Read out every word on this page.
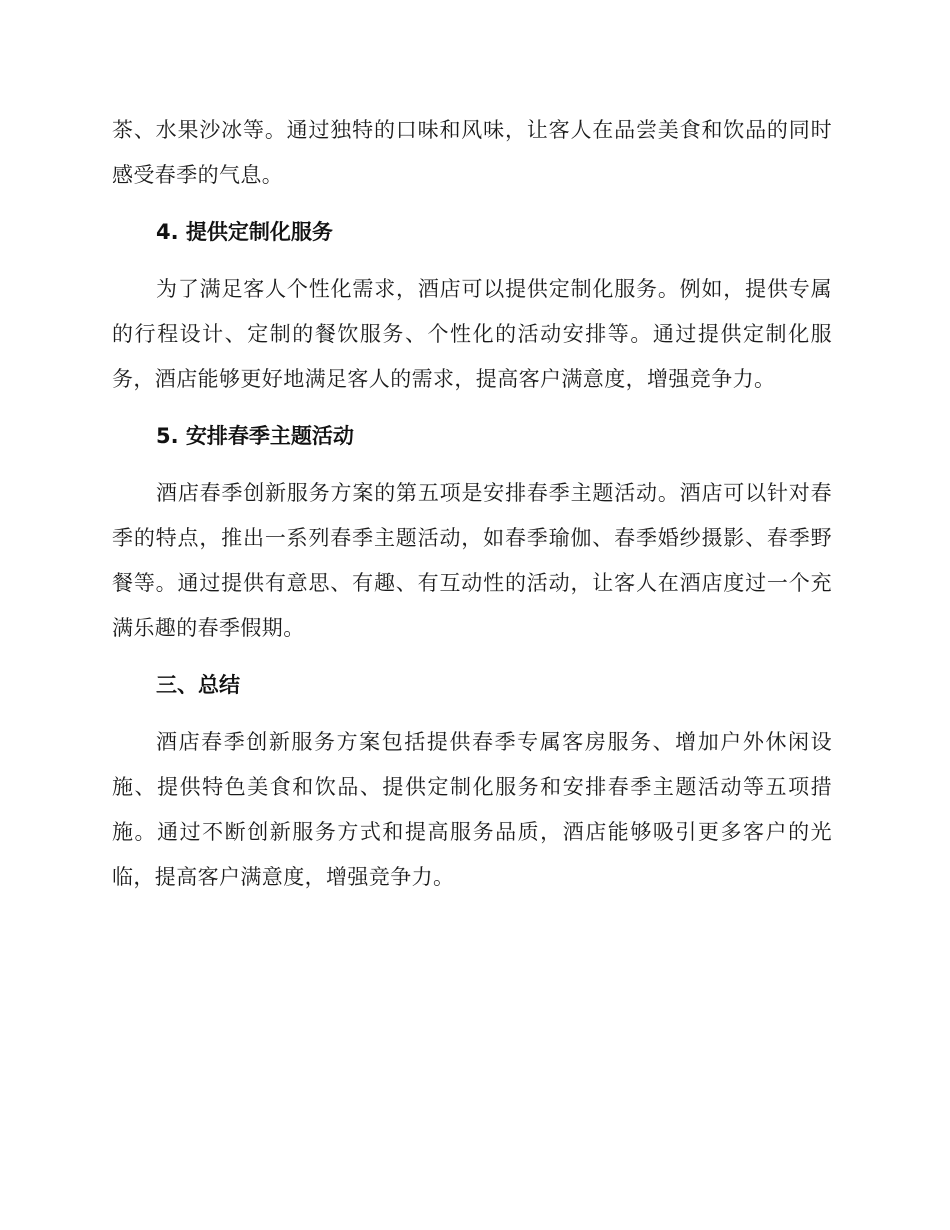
茶、水果沙冰等。通过独特的口味和风味，让客人在品尝美食和饮品的同时感受春季的气息。

4. 提供定制化服务

为了满足客人个性化需求，酒店可以提供定制化服务。例如，提供专属的行程设计、定制的餐饮服务、个性化的活动安排等。通过提供定制化服务，酒店能够更好地满足客人的需求，提高客户满意度，增强竞争力。

5. 安排春季主题活动

酒店春季创新服务方案的第五项是安排春季主题活动。酒店可以针对春季的特点，推出一系列春季主题活动，如春季瑜伽、春季婚纱摄影、春季野餐等。通过提供有意思、有趣、有互动性的活动，让客人在酒店度过一个充满乐趣的春季假期。

三、总结

酒店春季创新服务方案包括提供春季专属客房服务、增加户外休闲设施、提供特色美食和饮品、提供定制化服务和安排春季主题活动等五项措施。通过不断创新服务方式和提高服务品质，酒店能够吸引更多客户的光临，提高客户满意度，增强竞争力。
